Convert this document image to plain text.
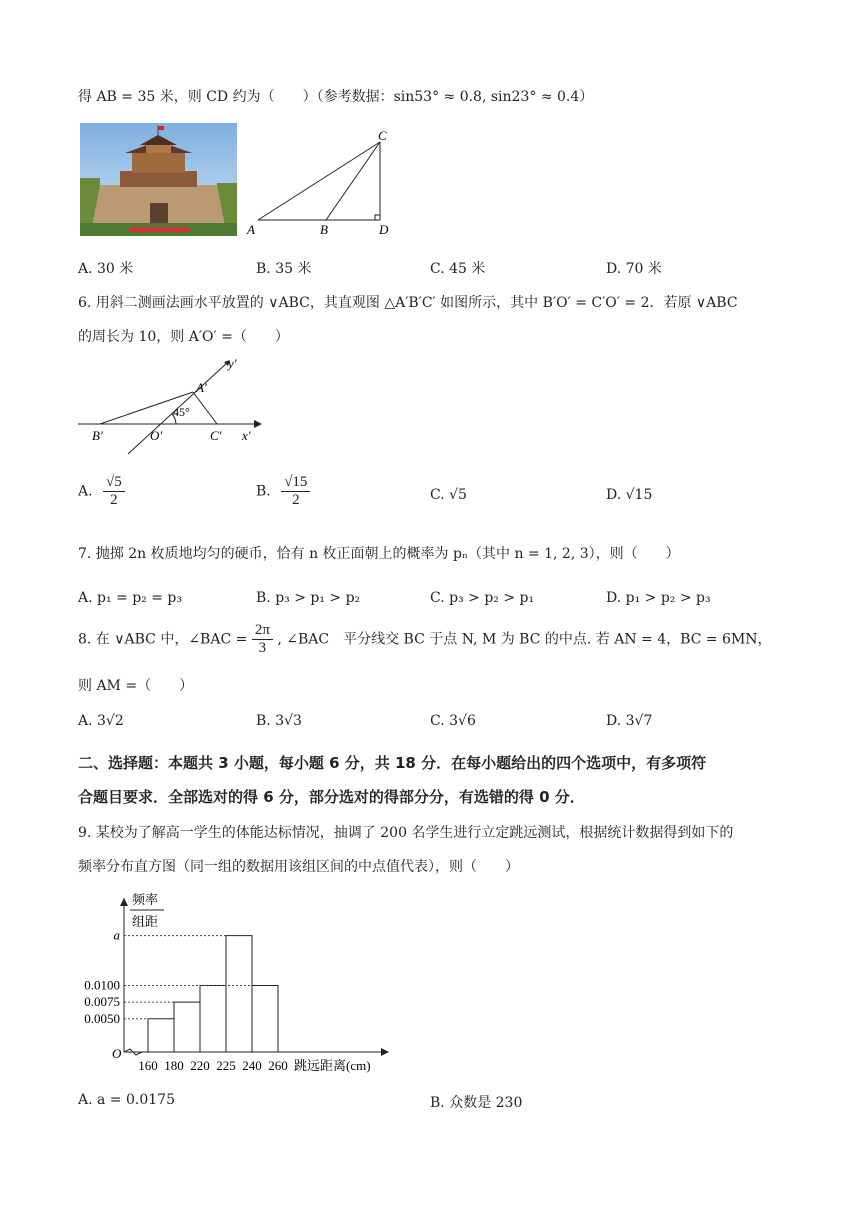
得 AB = 35 米，则 CD 约为（　　）（参考数据：sin53° ≈ 0.8, sin23° ≈ 0.4）
C
A	B	D
A. 30 米	B. 35 米	C. 45 米	D. 70 米
6. 用斜二测画法画水平放置的 ∨ABC，其直观图 △A′B′C′ 如图所示，其中 B′O′ = C′O′ = 2．若原 ∨ABC
的周长为 10，则 A′O′ =（　　）
y′
A′
45°
B′	O′	C′ x′
A. $\frac{√5}{2}$	B. $\frac{√15}{2}$	C. √5	D. √15
7. 抛掷 2n 枚质地均匀的硬币，恰有 n 枚正面朝上的概率为 pₙ（其中 n = 1, 2, 3），则（　　）
A. p₁ = p₂ = p₃	B. p₃ > p₁ > p₂	C. p₃ > p₂ > p₁	D. p₁ > p₂ > p₃
8. 在 ∨ABC 中，∠BAC = $\frac{2\pi}{3}$ , ∠BAC　平分线交 BC 于点 N, M 为 BC 的中点. 若 AN = 4，BC = 6MN，
则 AM =（　　）
A. 3√2	B. 3√3	C. 3√6	D. 3√7
二、选择题：本题共 3 小题，每小题 6 分，共 18 分．在每小题给出的四个选项中，有多项符
合题目要求．全部选对的得 6 分，部分选对的得部分分，有选错的得 0 分．
9. 某校为了解高一学生的体能达标情况，抽调了 200 名学生进行立定跳远测试，根据统计数据得到如下的
频率分布直方图（同一组的数据用该组区间的中点值代表），则（　　）
频率
组距
a
0.0100
0.0075
0.0050
O
160 180 220 225 240 260 跳远距离(cm)
A. a = 0.0175	B. 众数是 230
